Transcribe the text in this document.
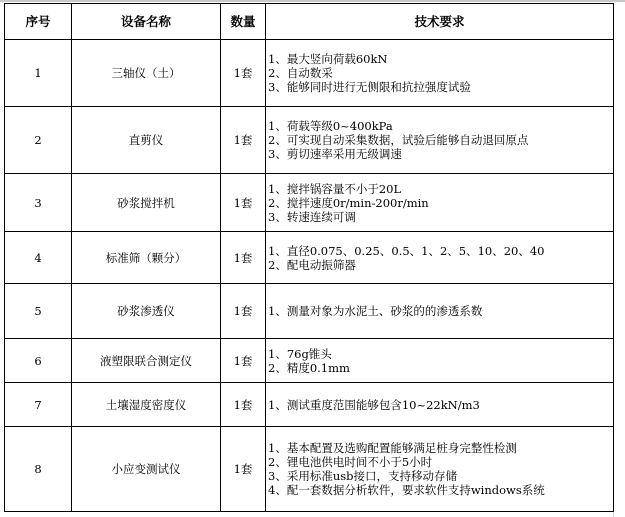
序号	设备名称	数量	技术要求
1	三轴仪（土）	1套	1、最大竖向荷载60kN
2、自动数采
3、能够同时进行无侧限和抗拉强度试验

2	直剪仪	1套	1、荷载等级0~400kPa
2、可实现自动采集数据，试验后能够自动退回原点
3、剪切速率采用无级调速

3	砂浆搅拌机	1套	1、搅拌锅容量不小于20L
2、搅拌速度0r/min-200r/min
3、转速连续可调

4	标准筛（颗分）	1套	1、直径0.075、0.25、0.5、1、2、5、10、20、40
2、配电动振筛器

5	砂浆渗透仪	1套	1、测量对象为水泥土、砂浆的的渗透系数

6	液塑限联合测定仪	1套	1、76g锥头
2、精度0.1mm

7	土壤湿度密度仪	1套	1、测试重度范围能够包含10~22kN/m3

8	小应变测试仪	1套	1、基本配置及选购配置能够满足桩身完整性检测
2、锂电池供电时间不小于5小时
3、采用标准usb接口，支持移动存储
4、配一套数据分析软件，要求软件支持windows系统
